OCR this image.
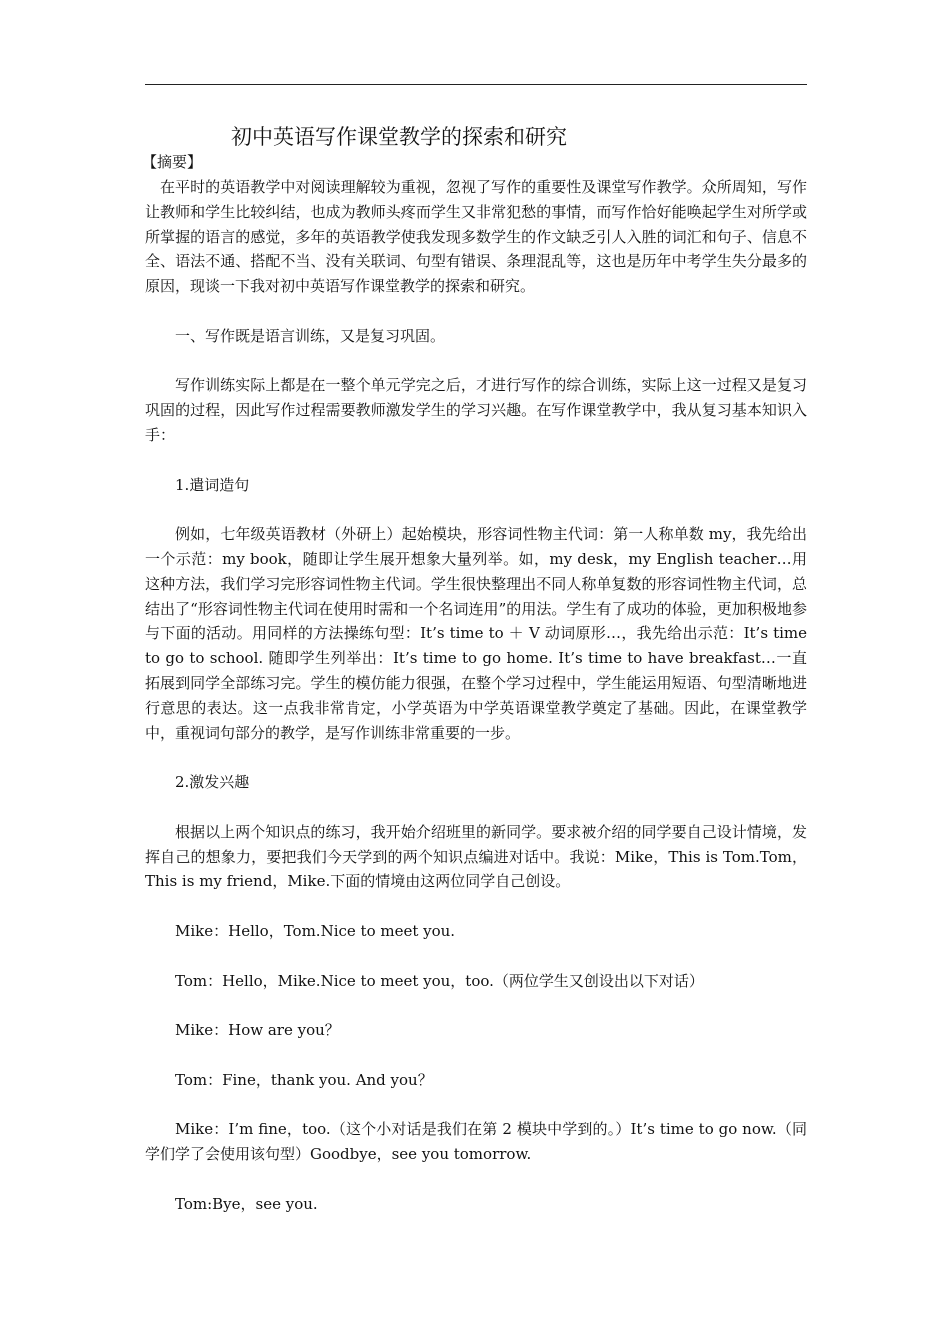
初中英语写作课堂教学的探索和研究
【摘要】

在平时的英语教学中对阅读理解较为重视，忽视了写作的重要性及课堂写作教学。众所周知，写作让教师和学生比较纠结，也成为教师头疼而学生又非常犯愁的事情，而写作恰好能唤起学生对所学或所掌握的语言的感觉，多年的英语教学使我发现多数学生的作文缺乏引人入胜的词汇和句子、信息不全、语法不通、搭配不当、没有关联词、句型有错误、条理混乱等，这也是历年中考学生失分最多的原因，现谈一下我对初中英语写作课堂教学的探索和研究。

一、写作既是语言训练，又是复习巩固。

写作训练实际上都是在一整个单元学完之后，才进行写作的综合训练，实际上这一过程又是复习巩固的过程，因此写作过程需要教师激发学生的学习兴趣。在写作课堂教学中，我从复习基本知识入手：

1.遣词造句

例如，七年级英语教材（外研上）起始模块，形容词性物主代词：第一人称单数 my，我先给出一个示范：my book，随即让学生展开想象大量列举。如，my desk，my English teacher…用这种方法，我们学习完形容词性物主代词。学生很快整理出不同人称单复数的形容词性物主代词，总结出了“形容词性物主代词在使用时需和一个名词连用”的用法。学生有了成功的体验，更加积极地参与下面的活动。用同样的方法操练句型：It’s time to ＋ V 动词原形…，我先给出示范：It’s time to go to school. 随即学生列举出：It’s time to go home. It’s time to have breakfast…一直拓展到同学全部练习完。学生的模仿能力很强，在整个学习过程中，学生能运用短语、句型清晰地进行意思的表达。这一点我非常肯定，小学英语为中学英语课堂教学奠定了基础。因此，在课堂教学中，重视词句部分的教学，是写作训练非常重要的一步。

2.激发兴趣

根据以上两个知识点的练习，我开始介绍班里的新同学。要求被介绍的同学要自己设计情境，发挥自己的想象力，要把我们今天学到的两个知识点编进对话中。我说：Mike，This is Tom.Tom，This is my friend，Mike.下面的情境由这两位同学自己创设。

Mike：Hello，Tom.Nice to meet you.

Tom：Hello，Mike.Nice to meet you，too.（两位学生又创设出以下对话）

Mike：How are you？

Tom：Fine，thank you. And you？

Mike：I’m fine，too.（这个小对话是我们在第 2 模块中学到的。）It’s time to go now.（同学们学了会使用该句型）Goodbye，see you tomorrow.

Tom:Bye，see you.
